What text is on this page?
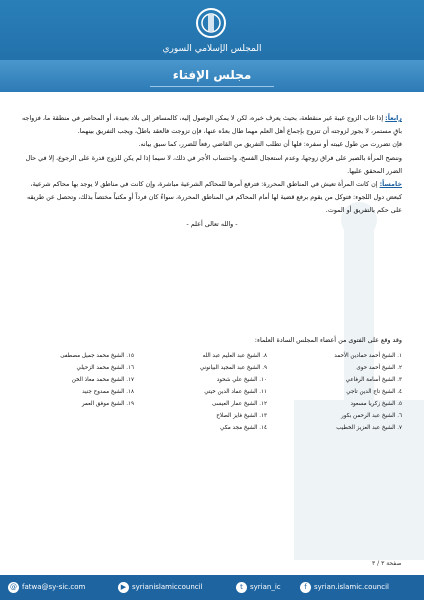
المجلس الإسلامي السوري
مجلس الإفتاء

رابعاً: إذا غاب الزوج غيبة غير منقطعة، بحيث يعرف خبره، لكن لا يمكن الوصول إليه، كالمسافر إلى بلاد بعيدة، أو المحاصر في منطقة ما، فزواجه باقٍ مستمر، لا يجوز لزوجته أن تتزوج بإجماع أهل العلم مهما طال بعدُه عنها، فإن تزوجت فالعقد باطلٌ، ويجب التفريق بينهما.

فإن تضررت من طول غيبته أو سفره: فلها أن تطلب التفريق من القاضي رفعاً للضرر، كما سبق بيانه.

وننصح المرأة بالصبر على فراق زوجها، وعدم استعجال الفسخ، واحتساب الأجر في ذلك، لا سيما إذا لم يكن للزوج قدرة على الرجوع، إلا في حال الضرر المحقق عليها.

خامساً: إن كانت المرأة تعيش في المناطق المحررة: فترفع أمرها للمحاكم الشرعية مباشرة، وإن كانت في مناطق لا يوجد بها محاكم شرعية، كبعض دول اللجوء: فتوكل من يقوم برفع قضية لها أمام المحاكم في المناطق المحررة، سواءٌ كان فرداً أو مكتباً مختصاً بذلك، وتحصل عن طريقه على حكم بالتفريق أو الموت.

- والله تعالى أعلم -

وقد وقع على الفتوى من أعضاء المجلس السادة العلماء:
١. الشيخ أحمد حمادين الأحمد
٢. الشيخ أحمد حوى
٣. الشيخ أسامة الرفاعي
٤. الشيخ تاج الدين تاجي
٥. الشيخ زكريا مسعود
٦. الشيخ عبد الرحمن بكور
٧. الشيخ عبد العزيز الخطيب
٨. الشيخ عبد العليم عبد الله
٩. الشيخ عبد المجيد البيانوني
١٠. الشيخ علي شحود
١١. الشيخ عماد الدين خيتي
١٢. الشيخ عمار العيسى
١٣. الشيخ فايز الصلاح
١٤. الشيخ مجد مكي
١٥. الشيخ محمد جميل مصطفى
١٦. الشيخ محمد الزحيلي
١٧. الشيخ محمد معاذ الخن
١٨. الشيخ ممدوح جنيد
١٩. الشيخ موفق العمر
صفحة ٣ / ٣
@ fatwa@sy-sic.com	▶ syrianislamiccouncil	t syrian_ic	f syrian.islamic.council
